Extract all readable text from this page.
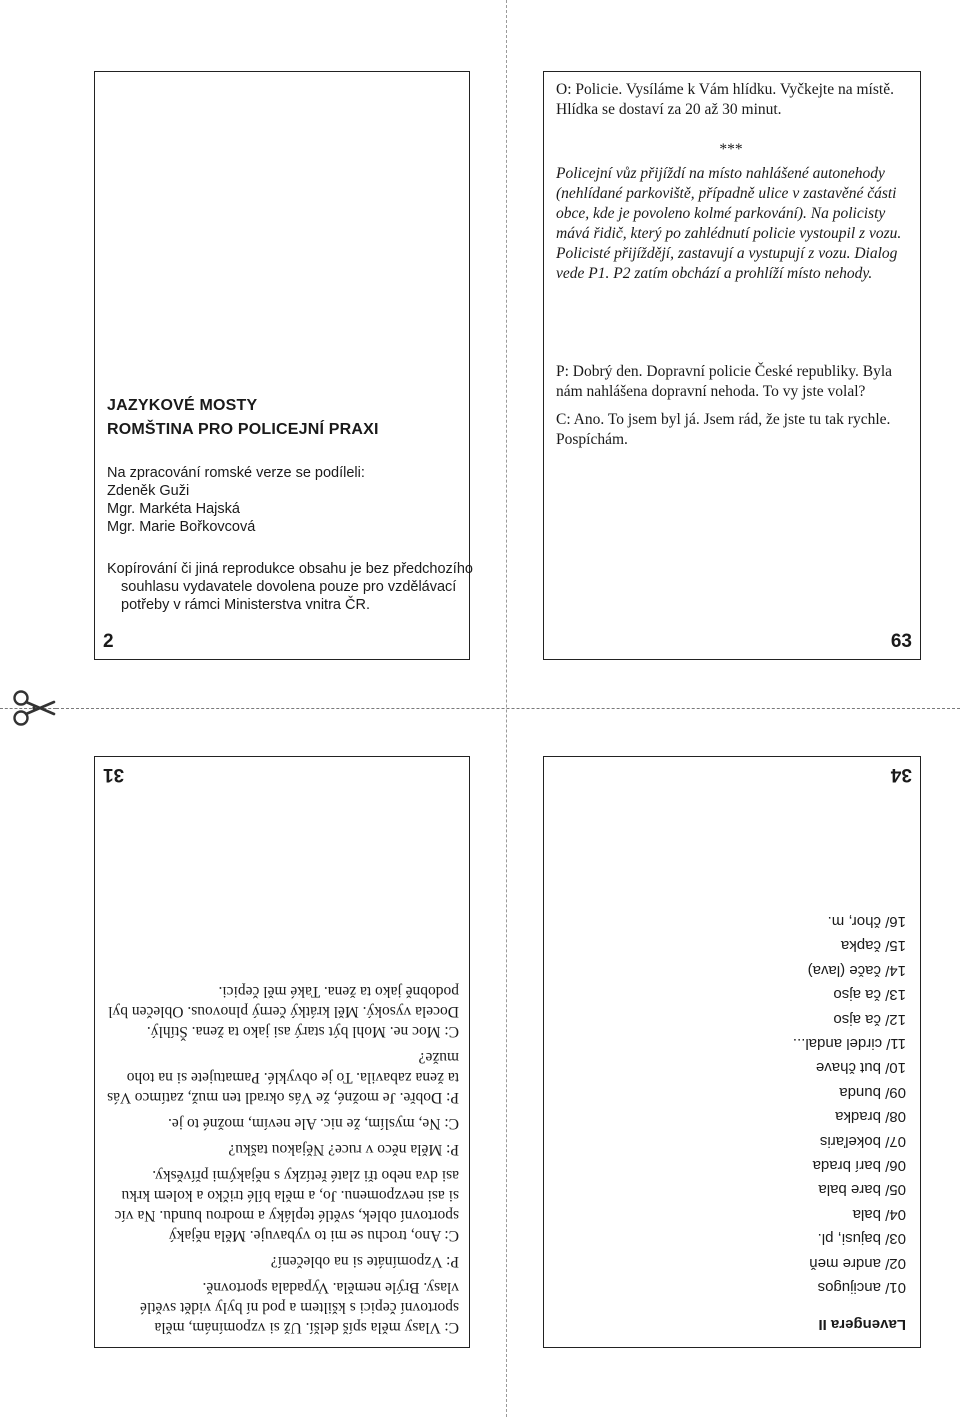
JAZYKOVÉ MOSTY
ROMŠTINA PRO POLICEJNÍ PRAXI
Na zpracování romské verze se podíleli:
Zdeněk Guži
Mgr. Markéta Hajská
Mgr. Marie Bořkovcová
Kopírování či jiná reprodukce obsahu je bez předchozího souhlasu vydavatele dovolena pouze pro vzdělávací potřeby v rámci Ministerstva vnitra ČR.
2

O: Policie. Vysíláme k Vám hlídku. Vyčkejte na místě. Hlídka se dostaví za 20 až 30 minut.

***

Policejní vůz přijíždí na místo nahlášené autonehody (nehlídané parkoviště, případně ulice v zastavěné části obce, kde je povoleno kolmé parkování). Na policisty mává řidič, který po zahlédnutí policie vystoupil z vozu. Policisté přijíždějí, zastavují a vystupují z vozu. Dialog vede P1. P2 zatím obchází a prohlíží místo nehody.

P: Dobrý den. Dopravní policie České republiky. Byla nám nahlášena dopravní nehoda. To vy jste volal?

C: Ano. To jsem byl já. Jsem rád, že jste tu tak rychle. Pospíchám.

63

C: Vlasy měla spíš delší. Už si vzpomínám, měla sportovní čepici s kšiltem a pod ní byly vidět světlé vlasy. Brýle neměla. Vypadala sportovně.

P: Vzpomínáte si na oblečení?

C: Ano, trochu se mi to vybavuje. Měla nějaký sportovní oblek, světlé tepláky a modrou bundu. Na víc si asi nevzpomenu. Jo, a měla bílé tričko a kolem krku asi dva nebo tři zlaté řetízky s nějakými přívěsky.

P: Měla něco v ruce? Nějakou tašku?

C: Ne, myslím, že nic. Ale nevím, možné to je.

P: Dobře. Je možné, že Vás okradl ten muž, zatímco Vás ta žena zabavila. To je obvyklé. Pamatujete si na toho muže?

C: Moc ne. Mohl být starý asi jako ta žena. Štíhlý. Docela vysoký. Měl krátký černý plnovous. Oblečen byl podobně jako ta žena. Také měl čepici.

31
Lavengera II
01/ ancijugos
02/ andre meň
03/ bajusi, pl.
04/ bala
05/ bare bala
06/ barí brada
07/ bokeľaris
08/ bradka
09/ bunda
10/ but čhave
11/ cirdel andal...
12/ ča ajso
13/ ča ajso
14/ čače (lava)
15/ čapka
16/ čhor, m.
34
